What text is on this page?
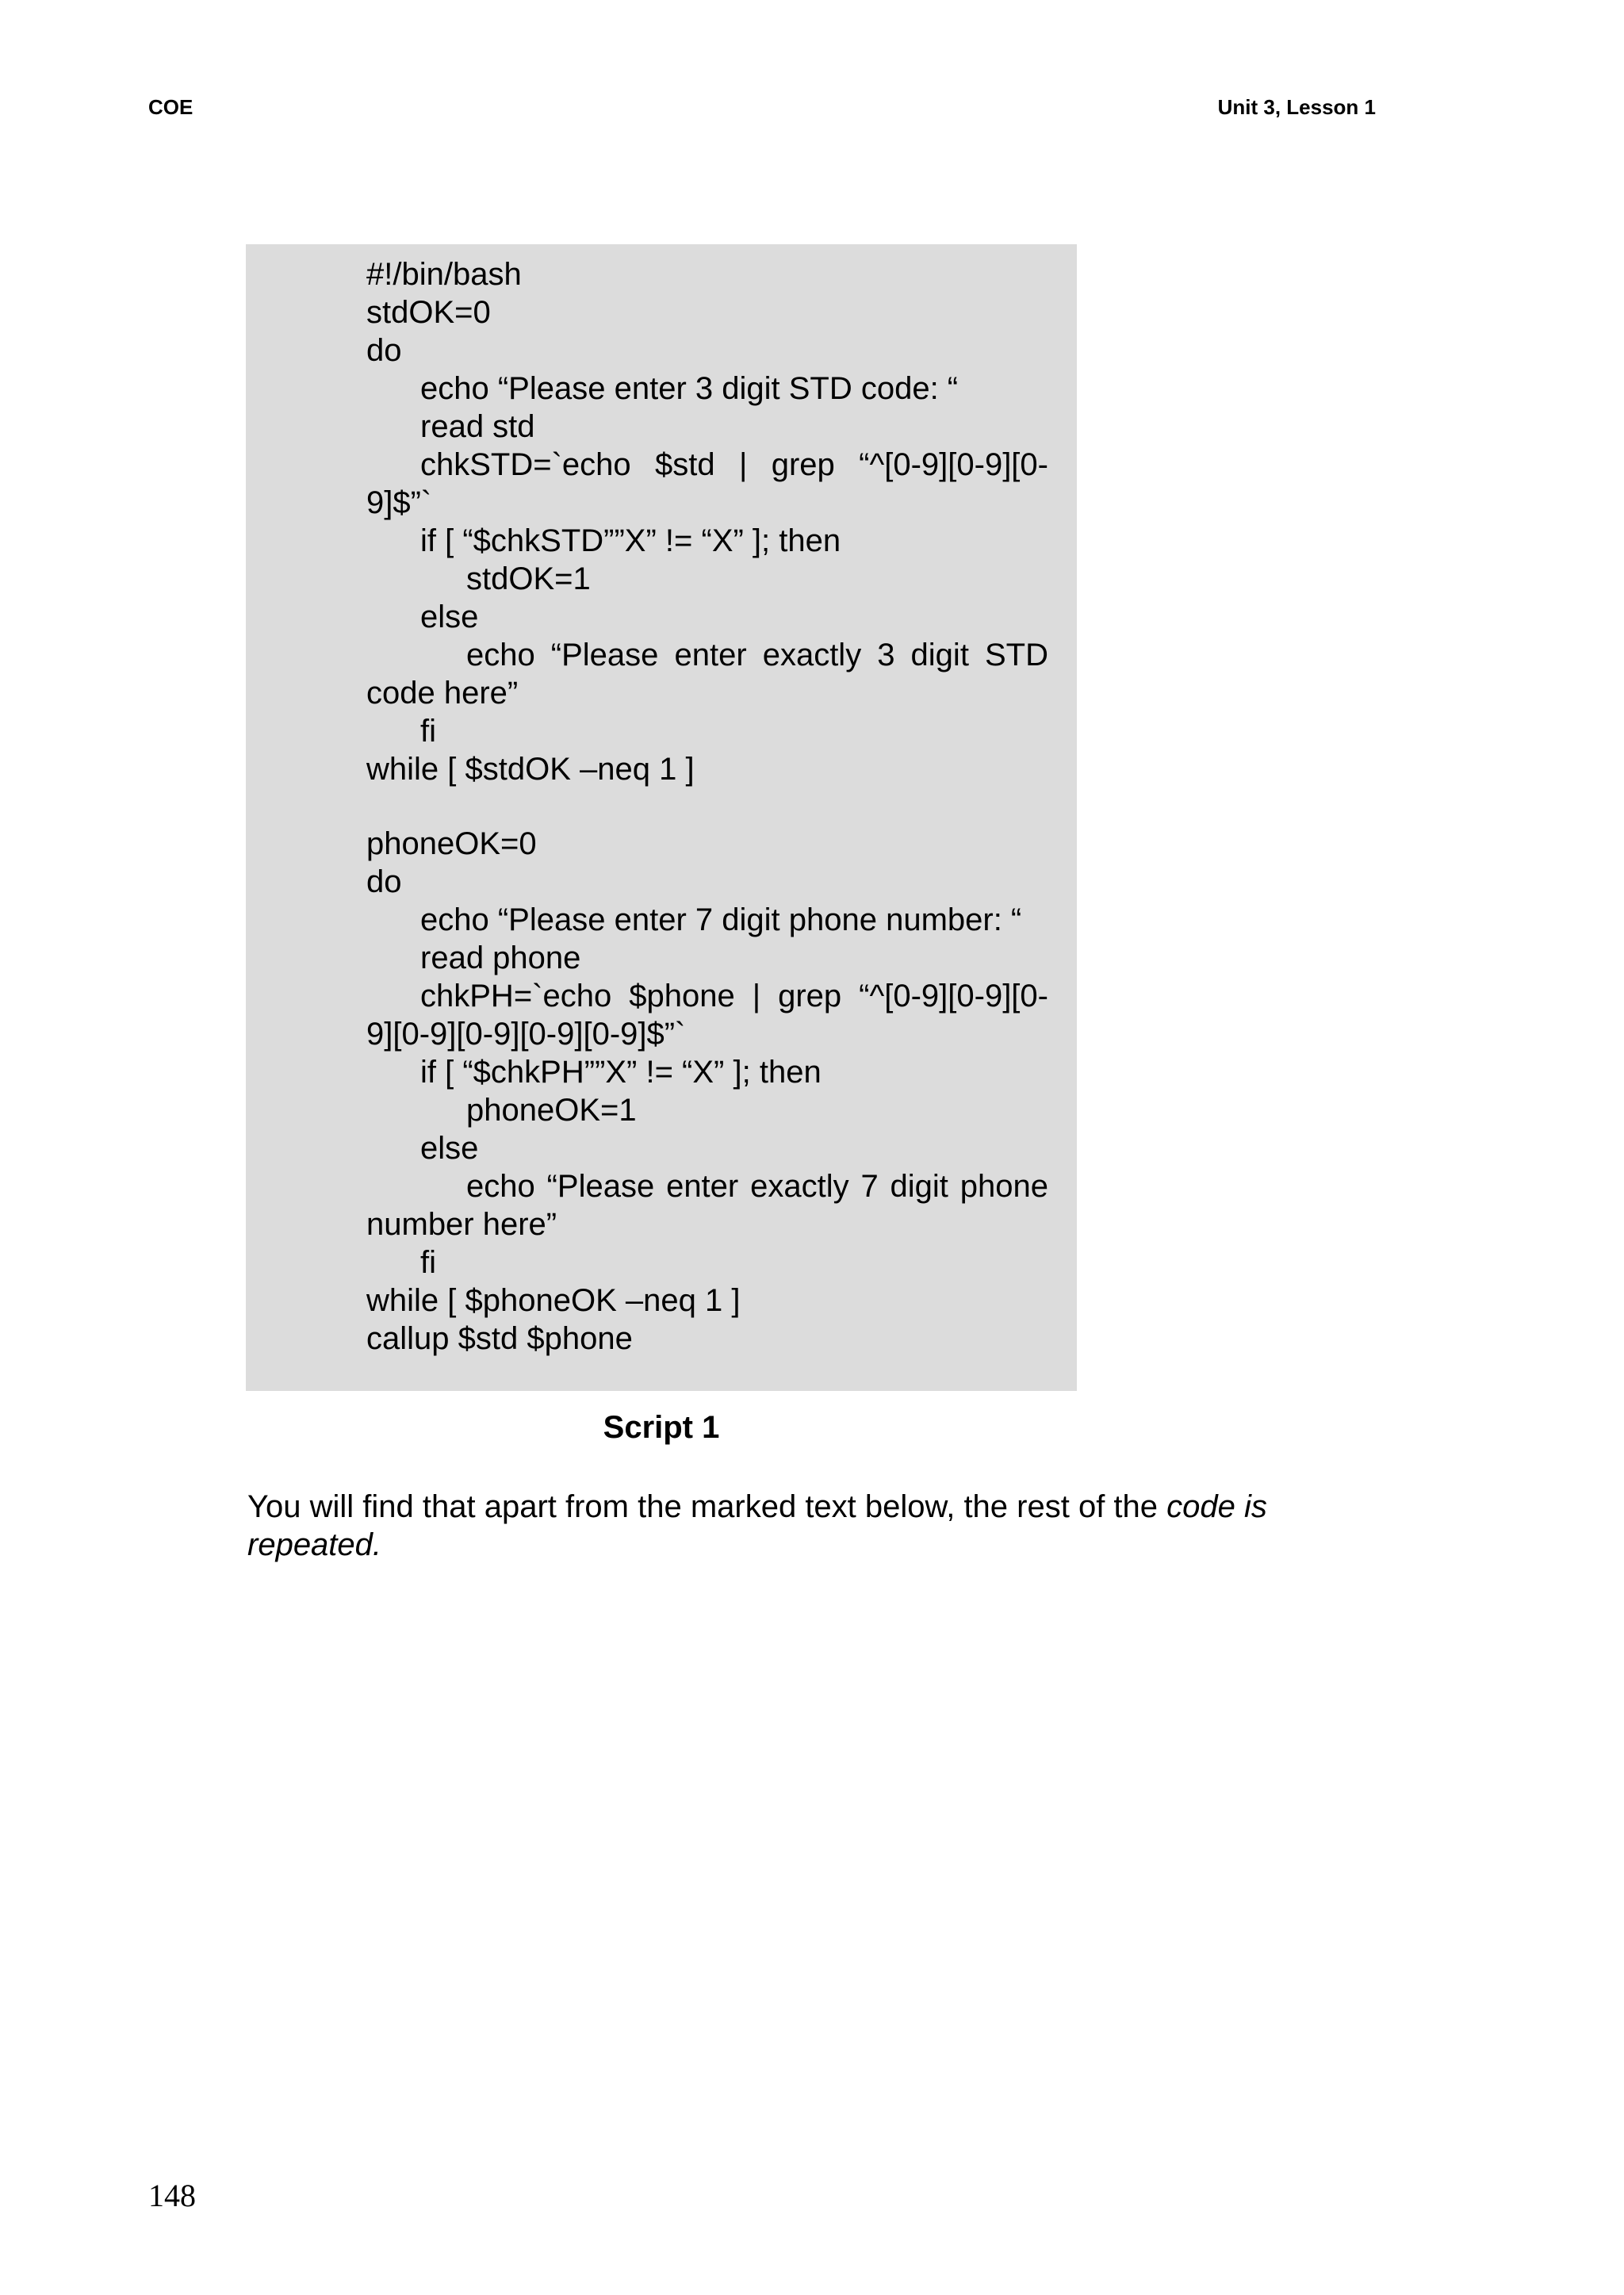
COE	Unit 3, Lesson 1
#!/bin/bash
stdOK=0
do
echo “Please enter 3 digit STD code: “
read std
chkSTD=`echo $std | grep “^[0-9][0-9][0-
9]$”`
if [ “$chkSTD””X” != “X” ]; then
stdOK=1
else
echo “Please enter exactly 3 digit STD
code here”
fi
while [ $stdOK –neq 1 ]
phoneOK=0
do
echo “Please enter 7 digit phone number: “
read phone
chkPH=`echo $phone | grep “^[0-9][0-9][0-
9][0-9][0-9][0-9][0-9]$”`
if [ “$chkPH””X” != “X” ]; then
phoneOK=1
else
echo “Please enter exactly 7 digit phone
number here”
fi
while [ $phoneOK –neq 1 ]
callup $std $phone
Script 1
You will find that apart from the marked text below, the rest of the code is repeated.
148
